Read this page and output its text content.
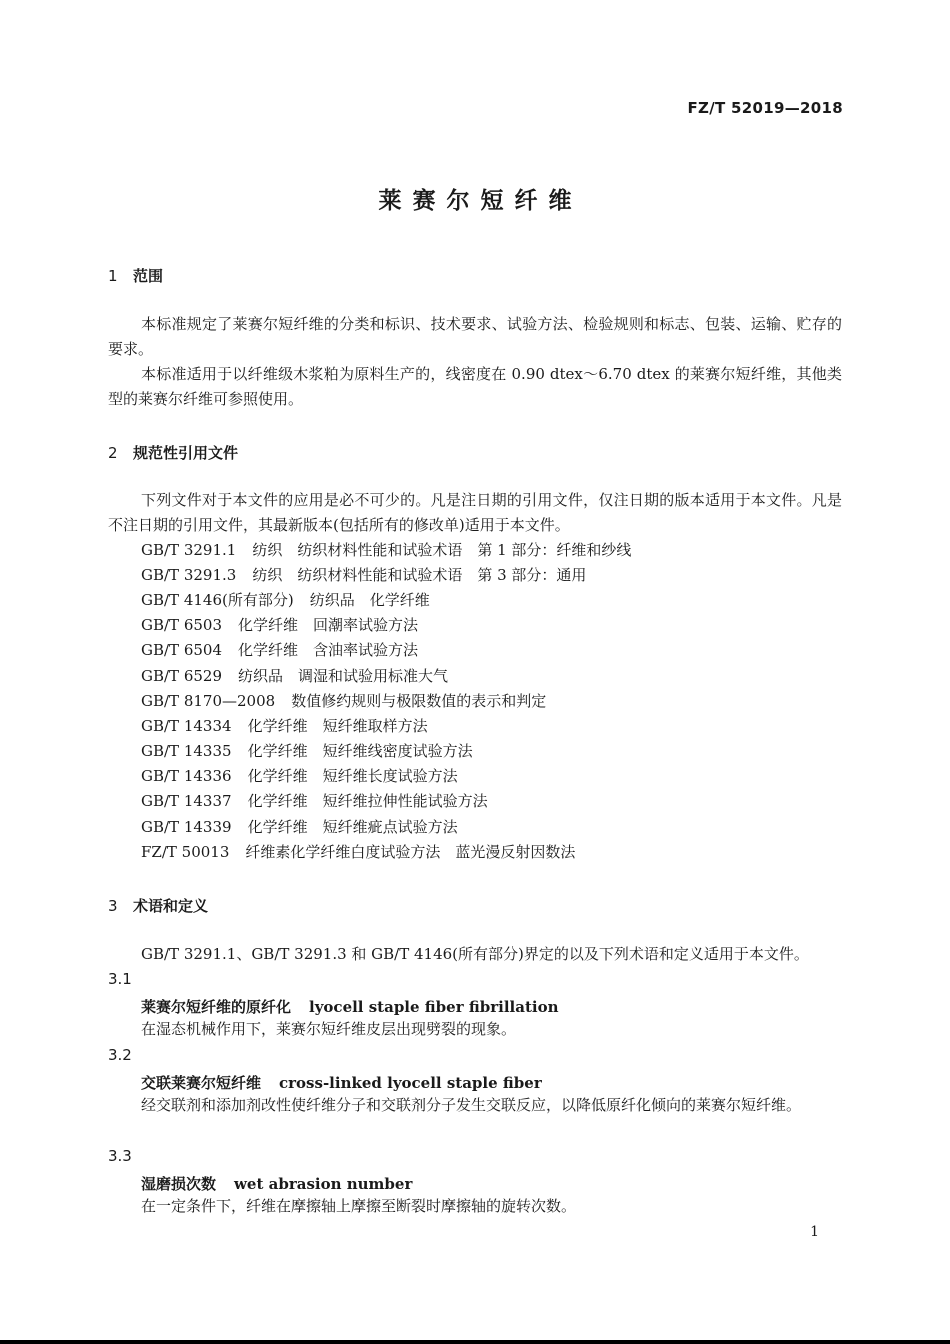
FZ/T 52019—2018
莱赛尔短纤维
1 范围

本标准规定了莱赛尔短纤维的分类和标识、技术要求、试验方法、检验规则和标志、包装、运输、贮存的要求。

本标准适用于以纤维级木浆粕为原料生产的，线密度在 0.90 dtex～6.70 dtex 的莱赛尔短纤维，其他类型的莱赛尔纤维可参照使用。

2 规范性引用文件

下列文件对于本文件的应用是必不可少的。凡是注日期的引用文件，仅注日期的版本适用于本文件。凡是不注日期的引用文件，其最新版本(包括所有的修改单)适用于本文件。

GB/T 3291.1 纺织　纺织材料性能和试验术语　第 1 部分：纤维和纱线
GB/T 3291.3 纺织　纺织材料性能和试验术语　第 3 部分：通用
GB/T 4146(所有部分) 纺织品　化学纤维
GB/T 6503 化学纤维　回潮率试验方法
GB/T 6504 化学纤维　含油率试验方法
GB/T 6529 纺织品　调湿和试验用标准大气
GB/T 8170—2008 数值修约规则与极限数值的表示和判定
GB/T 14334 化学纤维　短纤维取样方法
GB/T 14335 化学纤维　短纤维线密度试验方法
GB/T 14336 化学纤维　短纤维长度试验方法
GB/T 14337 化学纤维　短纤维拉伸性能试验方法
GB/T 14339 化学纤维　短纤维疵点试验方法
FZ/T 50013 纤维素化学纤维白度试验方法　蓝光漫反射因数法
3 术语和定义

GB/T 3291.1、GB/T 3291.3 和 GB/T 4146(所有部分)界定的以及下列术语和定义适用于本文件。

3.1
莱赛尔短纤维的原纤化 lyocell staple fiber fibrillation

在湿态机械作用下，莱赛尔短纤维皮层出现劈裂的现象。

3.2
交联莱赛尔短纤维 cross-linked lyocell staple fiber

经交联剂和添加剂改性使纤维分子和交联剂分子发生交联反应，以降低原纤化倾向的莱赛尔短纤维。

3.3
湿磨损次数 wet abrasion number

在一定条件下，纤维在摩擦轴上摩擦至断裂时摩擦轴的旋转次数。

1
